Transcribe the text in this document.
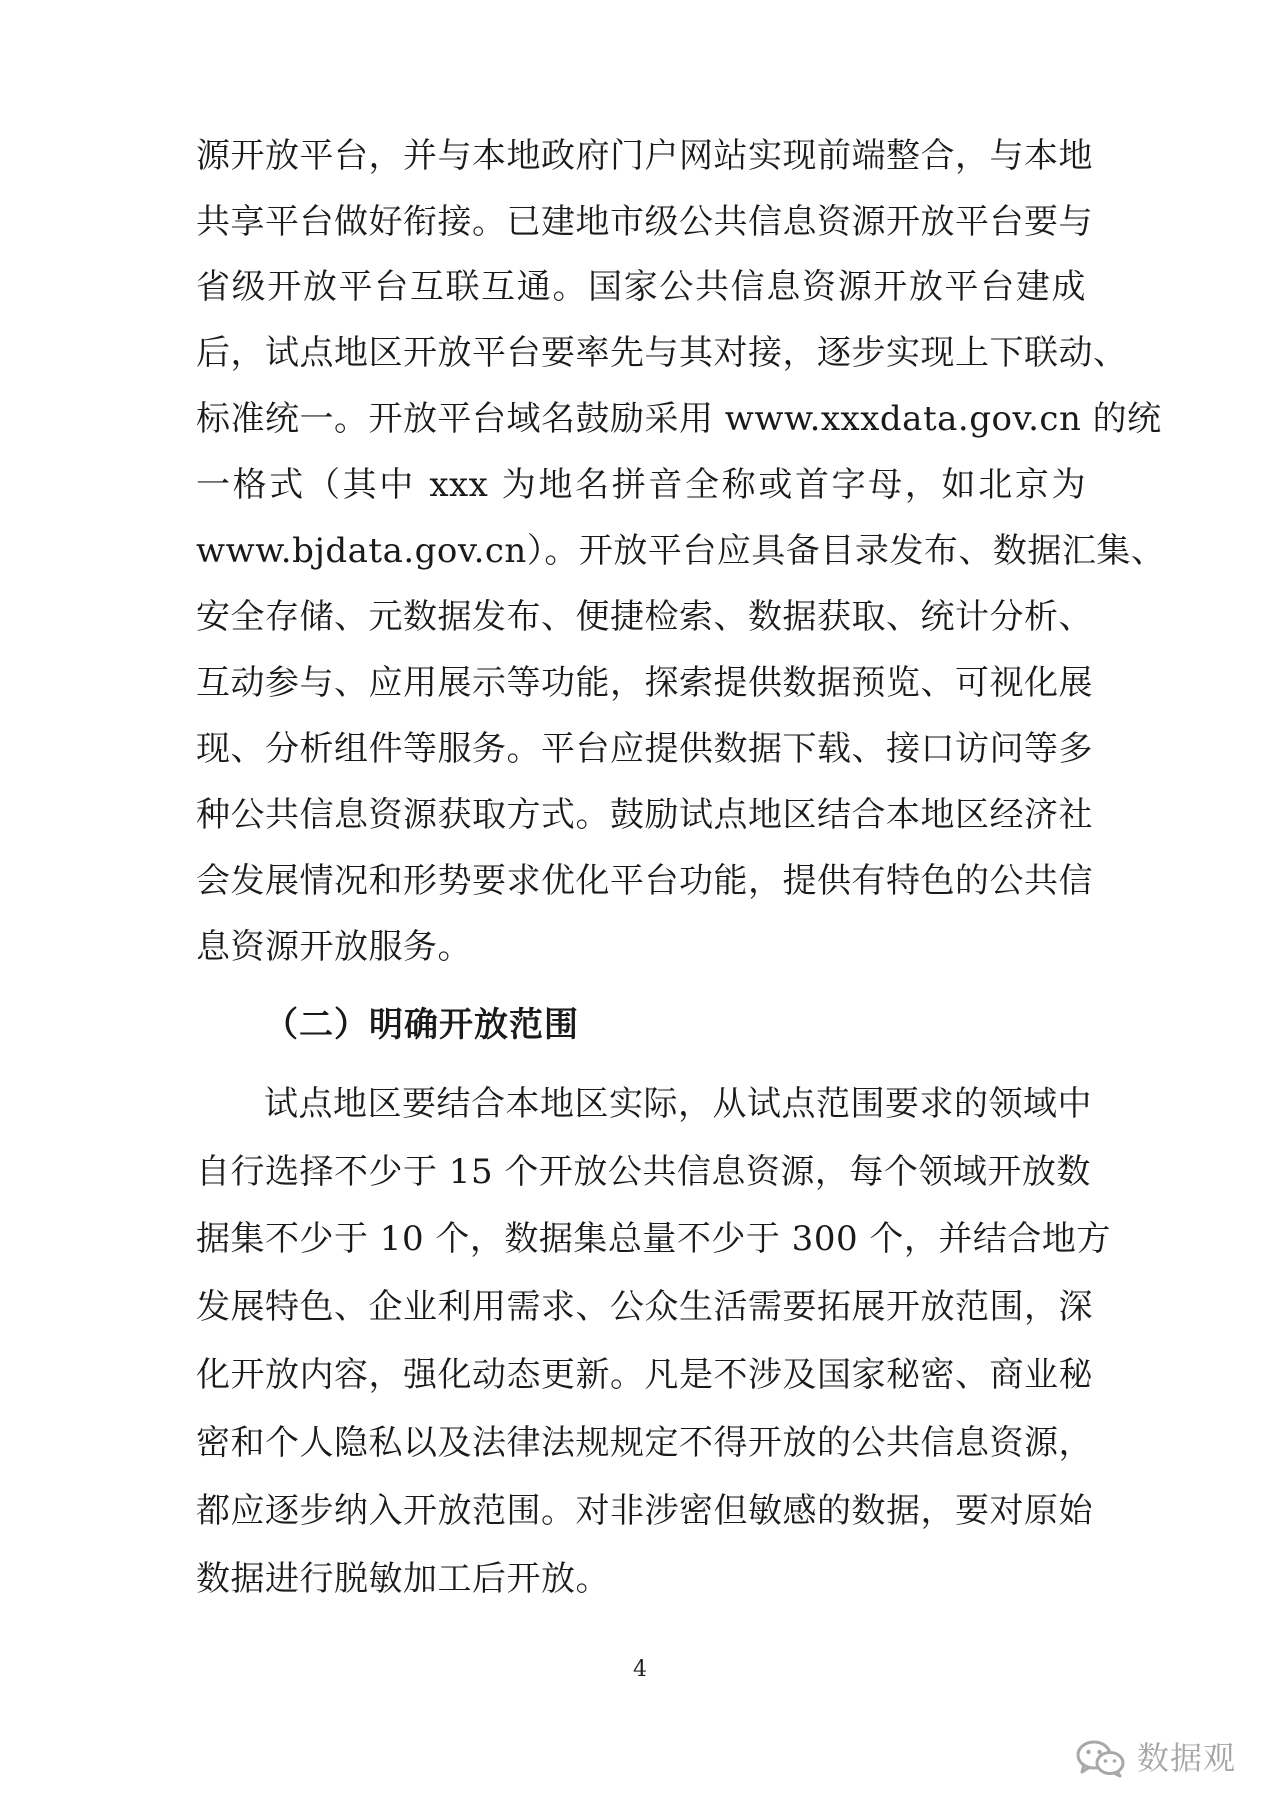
源开放平台，并与本地政府门户网站实现前端整合，与本地
共享平台做好衔接。已建地市级公共信息资源开放平台要与
省级开放平台互联互通。国家公共信息资源开放平台建成
后，试点地区开放平台要率先与其对接，逐步实现上下联动、
标准统一。开放平台域名鼓励采用 www.xxxdata.gov.cn 的统
一格式（其中 xxx 为地名拼音全称或首字母，如北京为
www.bjdata.gov.cn）。开放平台应具备目录发布、数据汇集、
安全存储、元数据发布、便捷检索、数据获取、统计分析、
互动参与、应用展示等功能，探索提供数据预览、可视化展
现、分析组件等服务。平台应提供数据下载、接口访问等多
种公共信息资源获取方式。鼓励试点地区结合本地区经济社
会发展情况和形势要求优化平台功能，提供有特色的公共信
息资源开放服务。
（二）明确开放范围
试点地区要结合本地区实际，从试点范围要求的领域中
自行选择不少于 15 个开放公共信息资源，每个领域开放数
据集不少于 10 个，数据集总量不少于 300 个，并结合地方
发展特色、企业利用需求、公众生活需要拓展开放范围，深
化开放内容，强化动态更新。凡是不涉及国家秘密、商业秘
密和个人隐私以及法律法规规定不得开放的公共信息资源，
都应逐步纳入开放范围。对非涉密但敏感的数据，要对原始
数据进行脱敏加工后开放。
4
数据观
